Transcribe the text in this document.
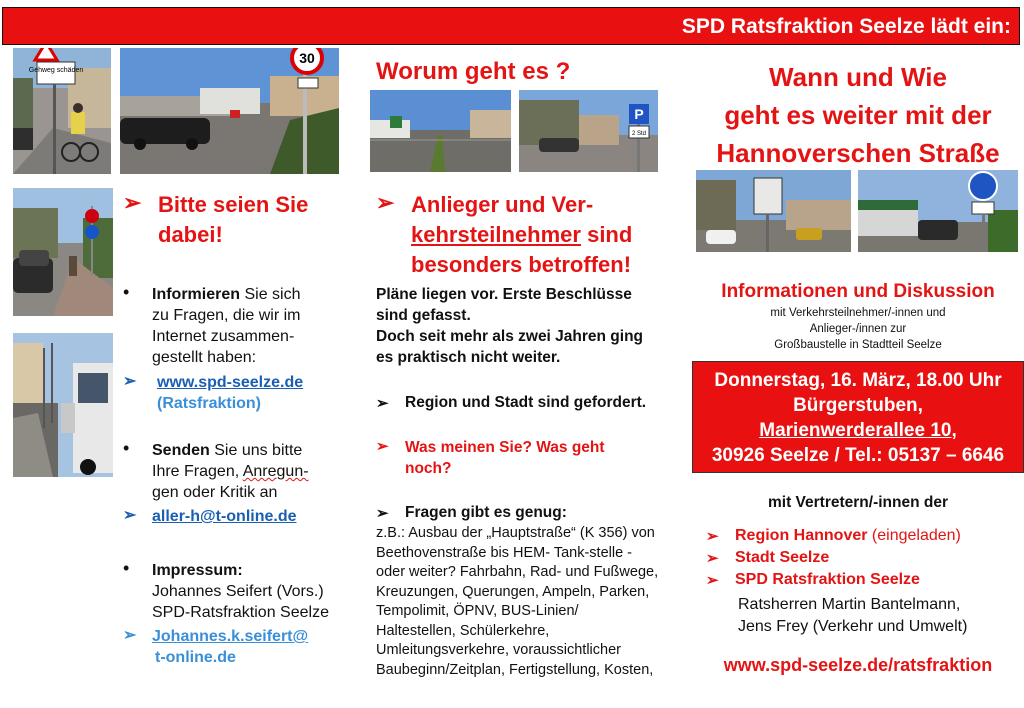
SPD Ratsfraktion Seelze lädt ein:
Gehweg schäden
30
➢ Bitte seien Sie
dabei!
• Informieren Sie sich
zu Fragen, die wir im
Internet zusammen-
gestellt haben:
➢ www.spd-seelze.de
(Ratsfraktion)
• Senden Sie uns bitte
Ihre Fragen, Anregun-
gen oder Kritik an
➢ aller-h@t-online.de
• Impressum:
Johannes Seifert (Vors.)
SPD-Ratsfraktion Seelze
➢ Johannes.k.seifert@
t-online.de
Worum geht es ?
P
2 Std
➢ Anlieger und Ver-
kehrsteilnehmer sind
besonders betroffen!
Pläne liegen vor. Erste Beschlüsse
sind gefasst.
Doch seit mehr als zwei Jahren ging
es praktisch nicht weiter.
➢ Region und Stadt sind gefordert.
➢ Was meinen Sie? Was geht
noch?
➢ Fragen gibt es genug:
z.B.: Ausbau der „Hauptstraße“ (K 356) von
Beethovenstraße bis HEM- Tank-stelle -
oder weiter? Fahrbahn, Rad- und Fußwege,
Kreuzungen, Querungen, Ampeln, Parken,
Tempolimit, ÖPNV, BUS-Linien/
Haltestellen, Schülerkehre,
Umleitungsverkehre, voraussichtlicher
Baubeginn/Zeitplan, Fertigstellung, Kosten,
Wann und Wie
geht es weiter mit der
Hannoverschen Straße
Informationen und Diskussion
mit Verkehrsteilnehmer/-innen und
Anlieger-/innen zur
Großbaustelle in Stadtteil Seelze
Donnerstag, 16. März, 18.00 Uhr
Bürgerstuben,
Marienwerderallee 10,
30926 Seelze / Tel.: 05137 – 6646
mit Vertretern/-innen der
➢ Region Hannover (eingeladen)
➢ Stadt Seelze
➢ SPD Ratsfraktion Seelze
Ratsherren Martin Bantelmann,
Jens Frey (Verkehr und Umwelt)
www.spd-seelze.de/ratsfraktion
